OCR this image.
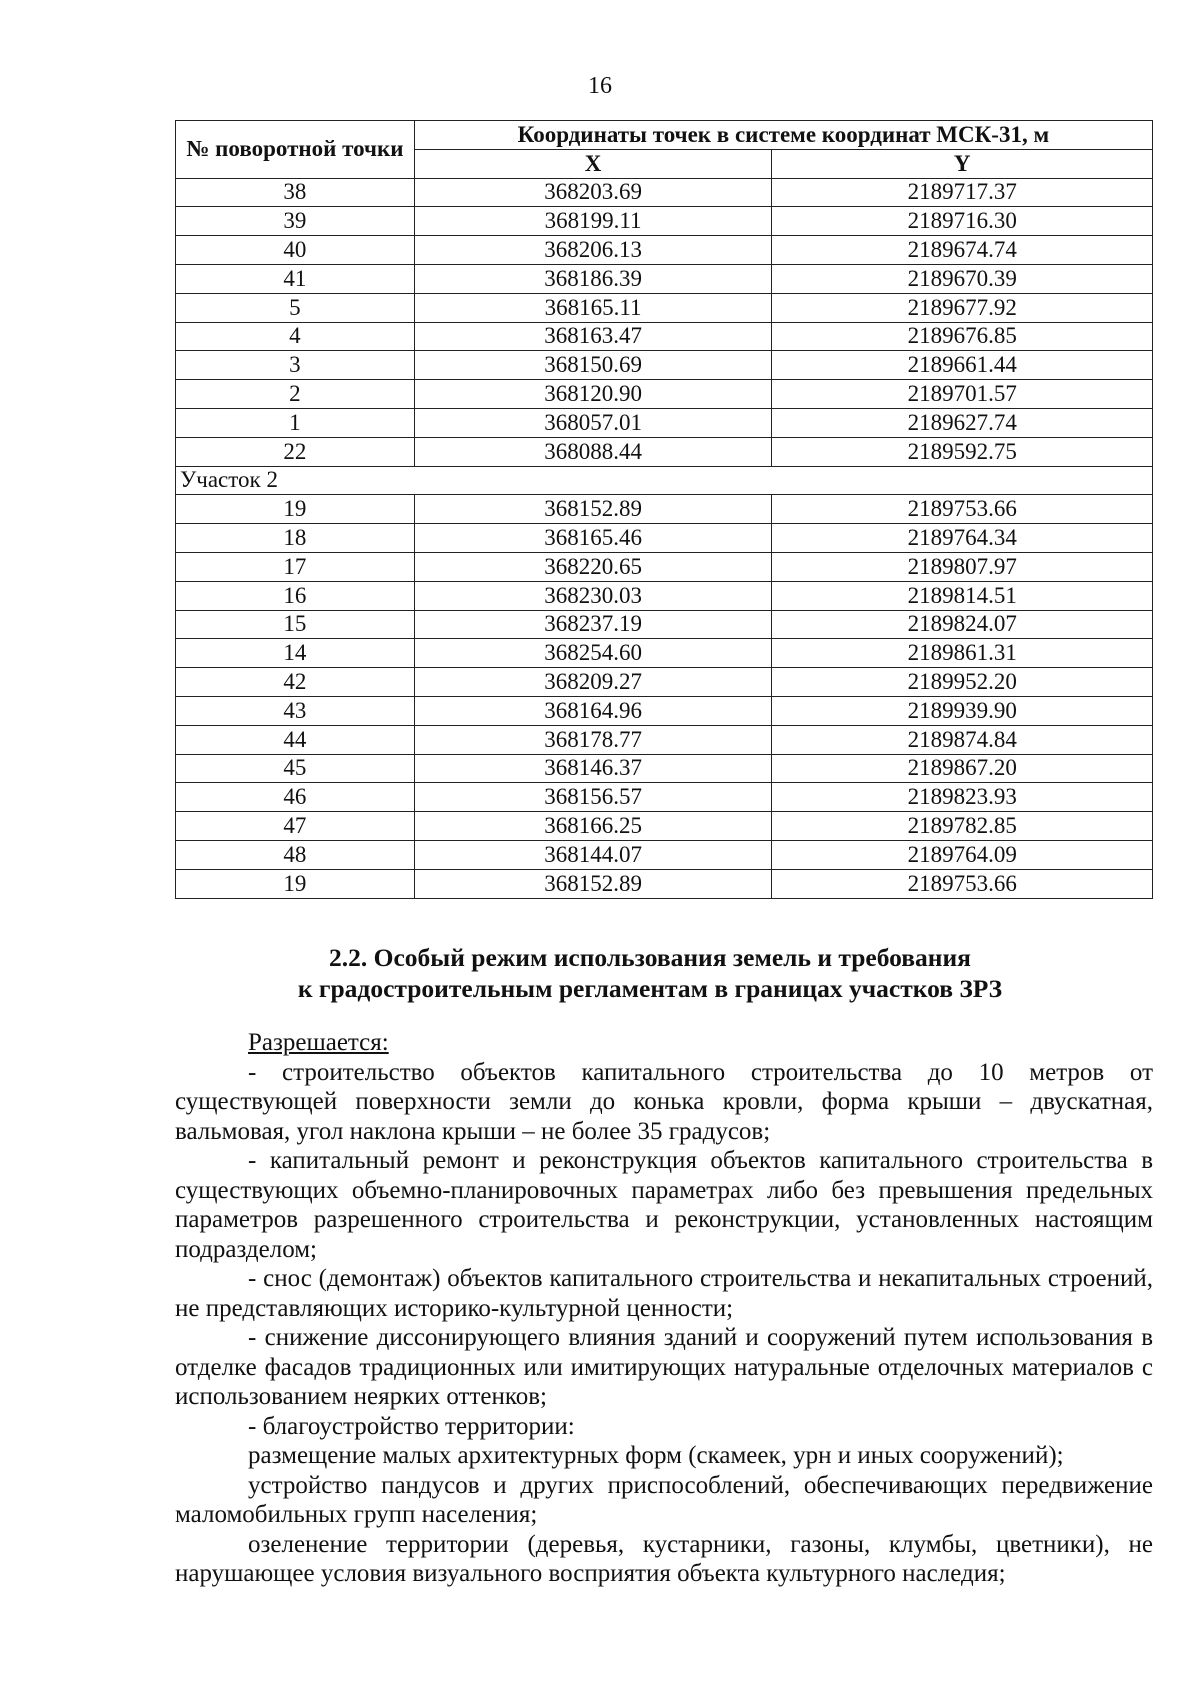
16
№ поворотной точки	Координаты точек в системе координат МСК-31, м	
	X	Y
38	368203.69	2189717.37
39	368199.11	2189716.30
40	368206.13	2189674.74
41	368186.39	2189670.39
5	368165.11	2189677.92
4	368163.47	2189676.85
3	368150.69	2189661.44
2	368120.90	2189701.57
1	368057.01	2189627.74
22	368088.44	2189592.75
Участок 2		
19	368152.89	2189753.66
18	368165.46	2189764.34
17	368220.65	2189807.97
16	368230.03	2189814.51
15	368237.19	2189824.07
14	368254.60	2189861.31
42	368209.27	2189952.20
43	368164.96	2189939.90
44	368178.77	2189874.84
45	368146.37	2189867.20
46	368156.57	2189823.93
47	368166.25	2189782.85
48	368144.07	2189764.09
19	368152.89	2189753.66
2.2. Особый режим использования земель и требования
к градостроительным регламентам в границах участков ЗРЗ

Разрешается:

- строительство объектов капитального строительства до 10 метров от существующей поверхности земли до конька кровли, форма крыши – двускатная, вальмовая, угол наклона крыши – не более 35 градусов;

- капитальный ремонт и реконструкция объектов капитального строительства в существующих объемно-планировочных параметрах либо без превышения предельных параметров разрешенного строительства и реконструкции, установленных настоящим подразделом;

- снос (демонтаж) объектов капитального строительства и некапитальных строений, не представляющих историко-культурной ценности;

- снижение диссонирующего влияния зданий и сооружений путем использования в отделке фасадов традиционных или имитирующих натуральные отделочных материалов с использованием неярких оттенков;

- благоустройство территории:

размещение малых архитектурных форм (скамеек, урн и иных сооружений);

устройство пандусов и других приспособлений, обеспечивающих передвижение маломобильных групп населения;

озеленение территории (деревья, кустарники, газоны, клумбы, цветники), не нарушающее условия визуального восприятия объекта культурного наследия;
